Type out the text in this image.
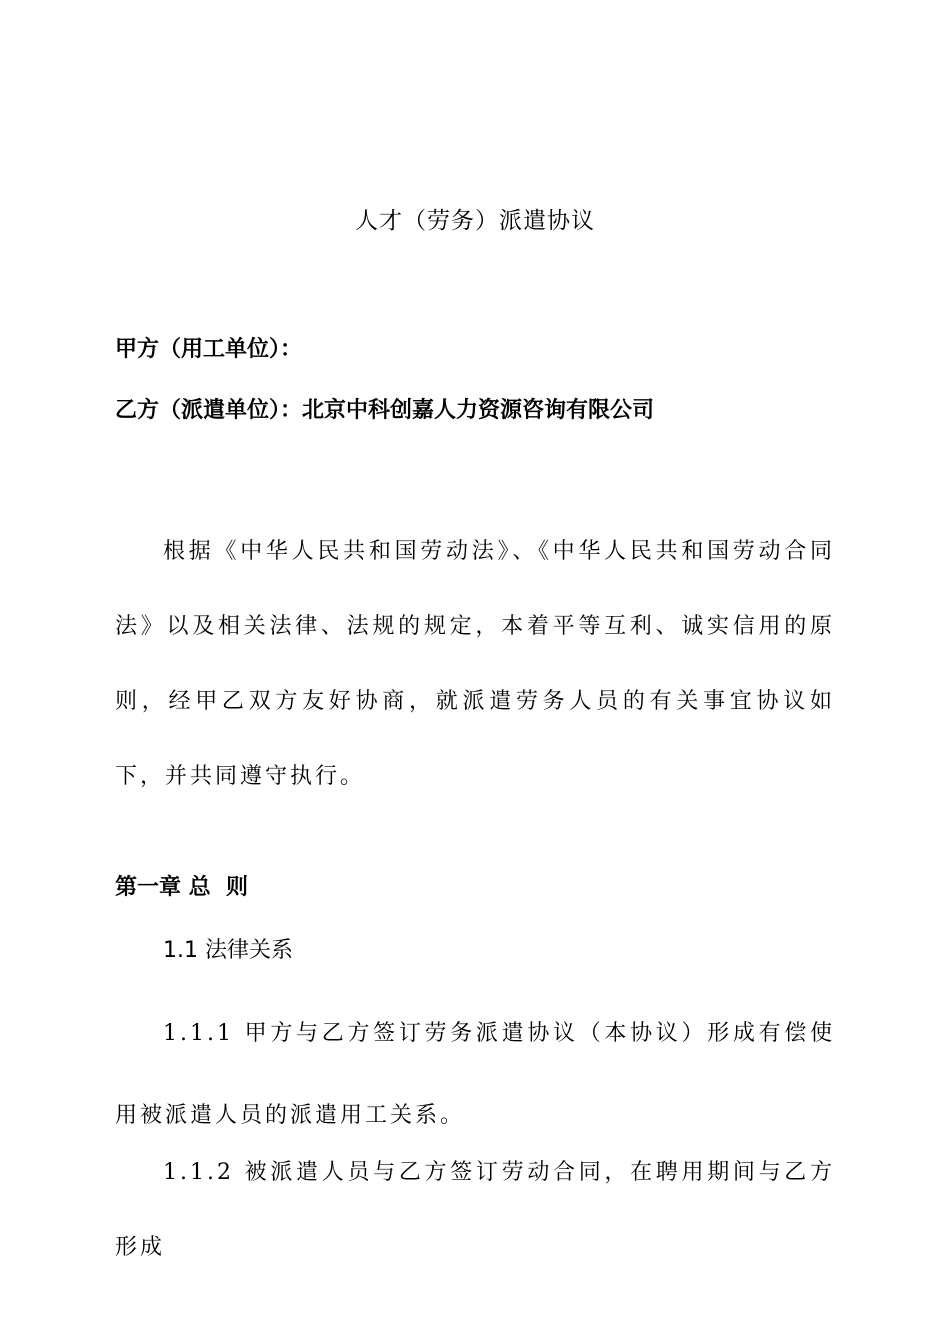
人才（劳务）派遣协议
甲方（用工单位）：
乙方（派遣单位）：北京中科创嘉人力资源咨询有限公司
根据《中华人民共和国劳动法》、《中华人民共和国劳动合同法》以及相关法律、法规的规定，本着平等互利、诚实信用的原则，经甲乙双方友好协商，就派遣劳务人员的有关事宜协议如下，并共同遵守执行。
第一章 总  则
1.1 法律关系
1.1.1 甲方与乙方签订劳务派遣协议（本协议）形成有偿使用被派遣人员的派遣用工关系。
1.1.2 被派遣人员与乙方签订劳动合同，在聘用期间与乙方形成
